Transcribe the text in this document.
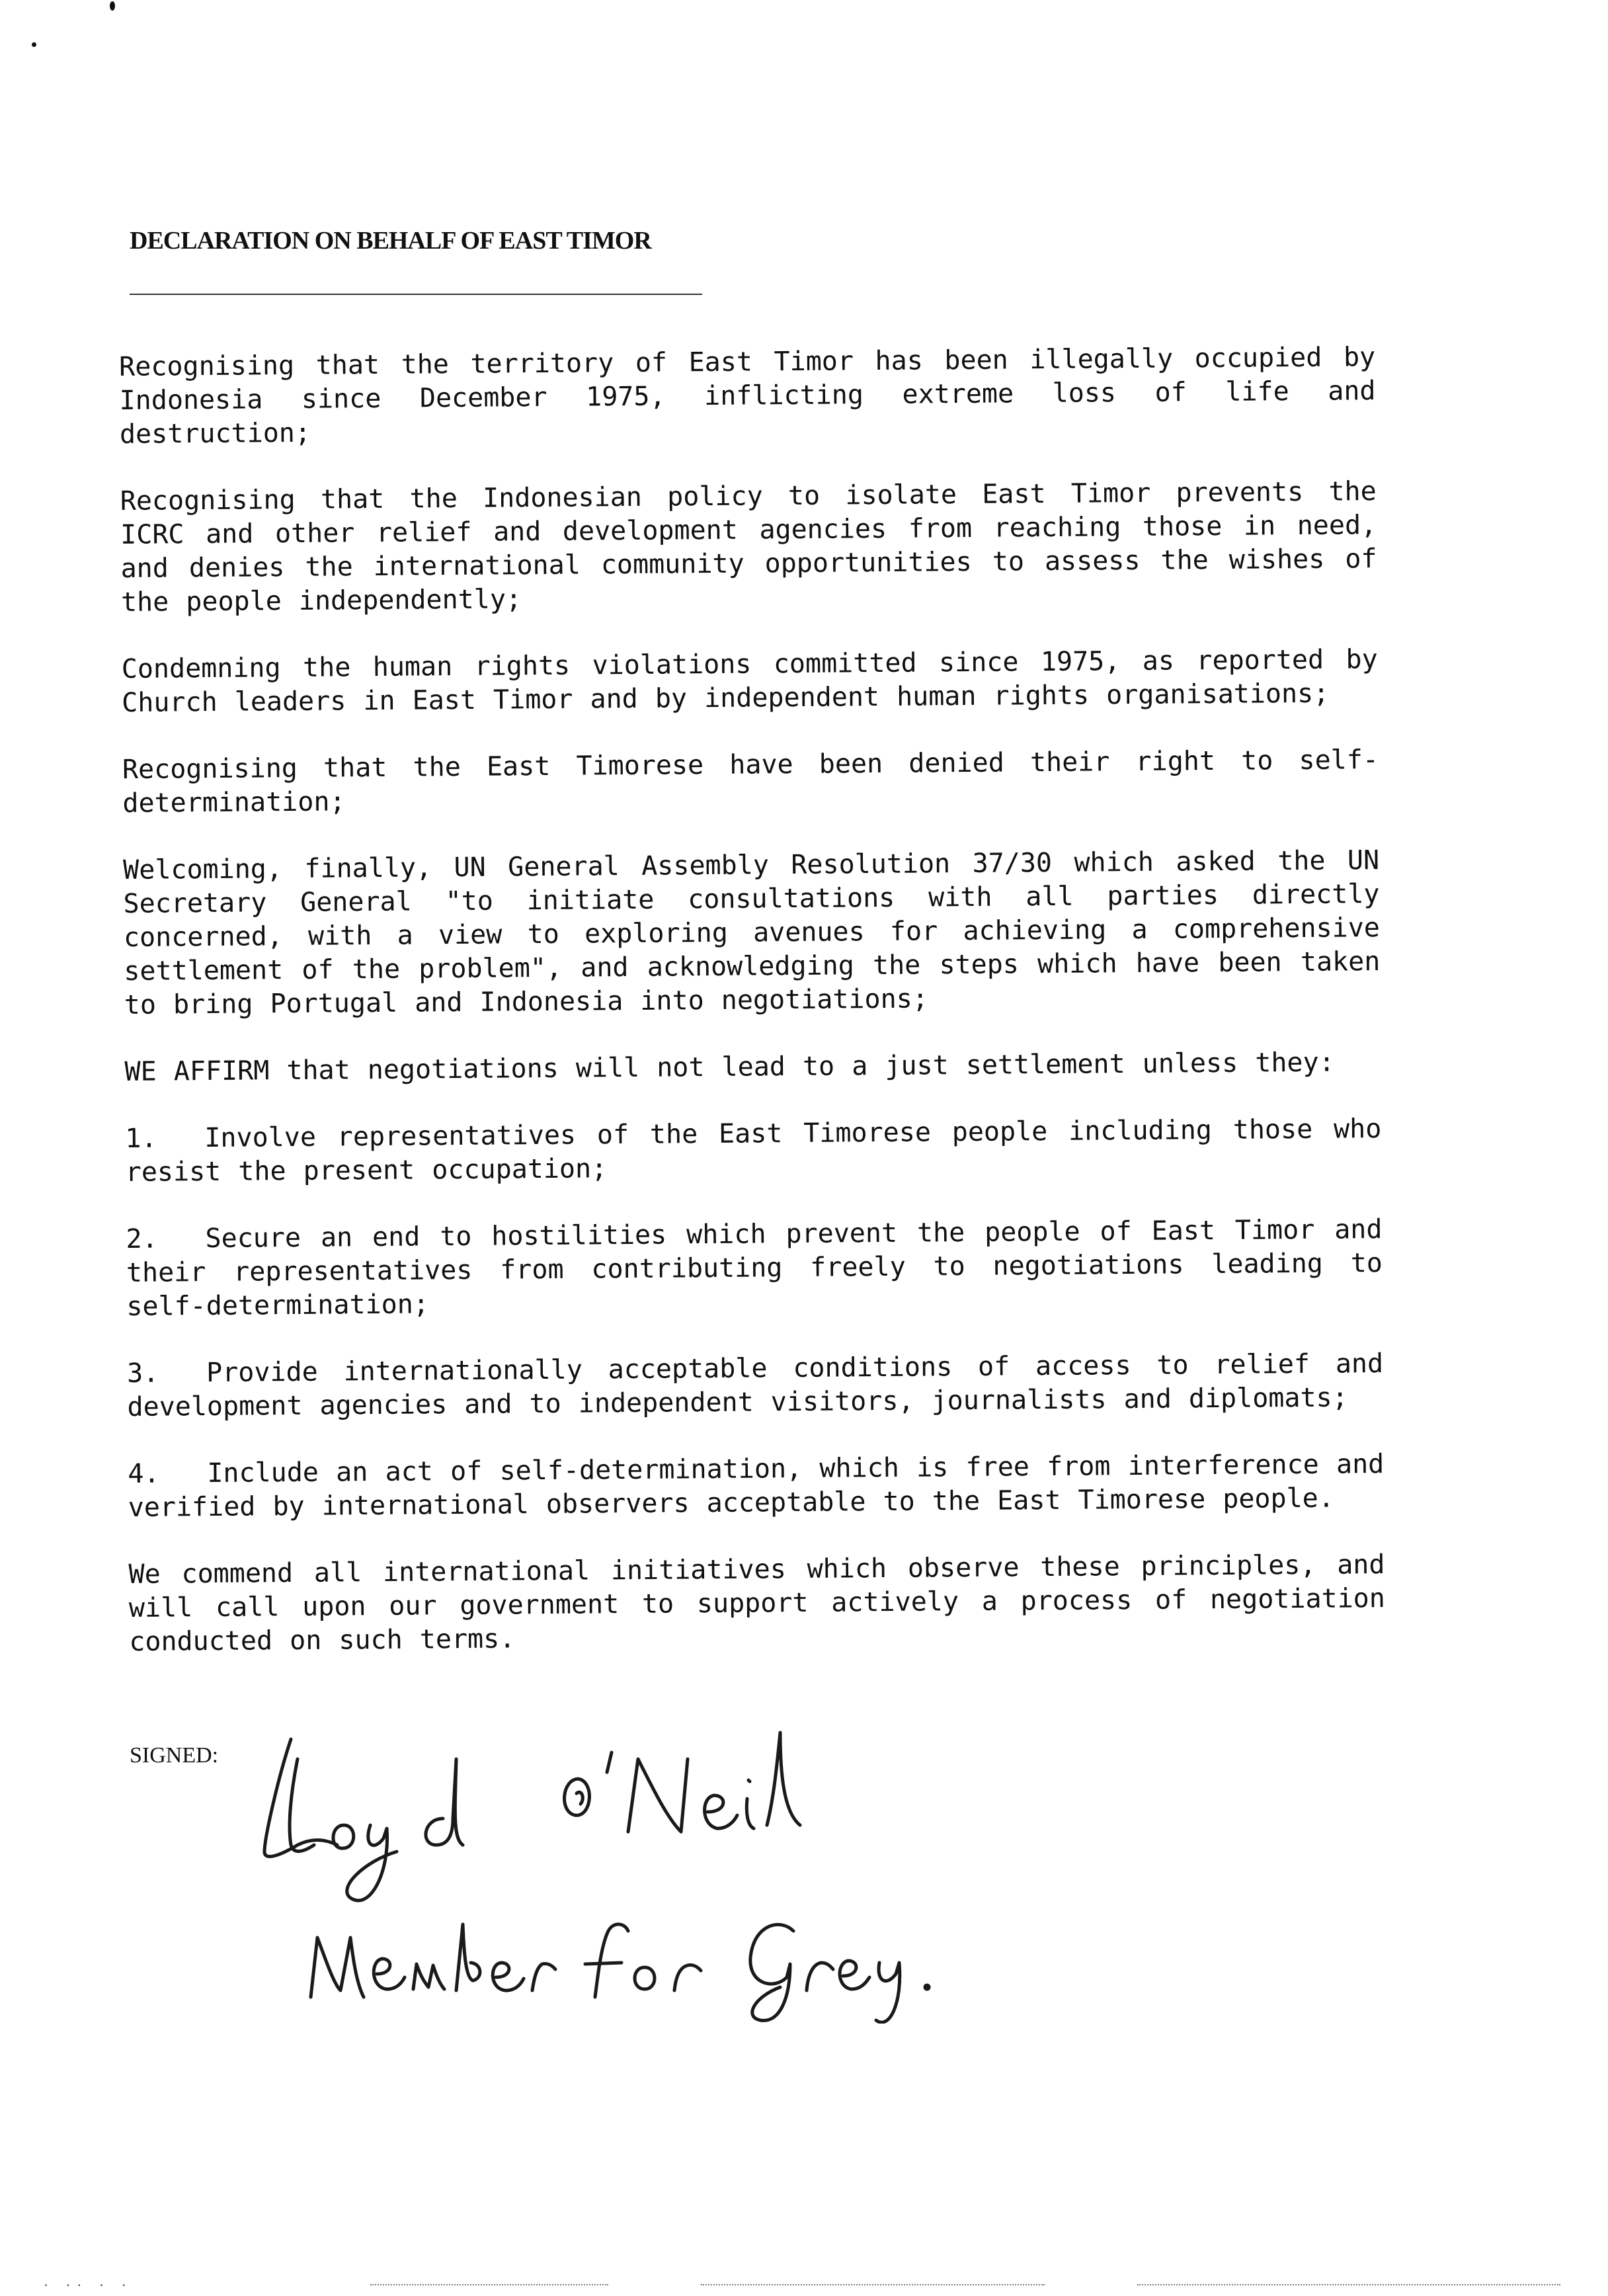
DECLARATION ON BEHALF OF EAST TIMOR

Recognising that the territory of East Timor has been illegally occupied by Indonesia since December 1975, inflicting extreme loss of life and destruction;

Recognising that the Indonesian policy to isolate East Timor prevents the ICRC and other relief and development agencies from reaching those in need, and denies the international community opportunities to assess the wishes of the people independently;

Condemning the human rights violations committed since 1975, as reported by Church leaders in East Timor and by independent human rights organisations;

Recognising that the East Timorese have been denied their right to self-determination;

Welcoming, finally, UN General Assembly Resolution 37/30 which asked the UN Secretary General "to initiate consultations with all parties directly concerned, with a view to exploring avenues for achieving a comprehensive settlement of the problem", and acknowledging the steps which have been taken to bring Portugal and Indonesia into negotiations;

WE AFFIRM that negotiations will not lead to a just settlement unless they:

1. Involve representatives of the East Timorese people including those who resist the present occupation;

2. Secure an end to hostilities which prevent the people of East Timor and their representatives from contributing freely to negotiations leading to self-determination;

3. Provide internationally acceptable conditions of access to relief and development agencies and to independent visitors, journalists and diplomats;

4. Include an act of self-determination, which is free from interference and verified by international observers acceptable to the East Timorese people.

We commend all international initiatives which observe these principles, and will call upon our government to support actively a process of negotiation conducted on such terms.

SIGNED:
· ·· · ·
